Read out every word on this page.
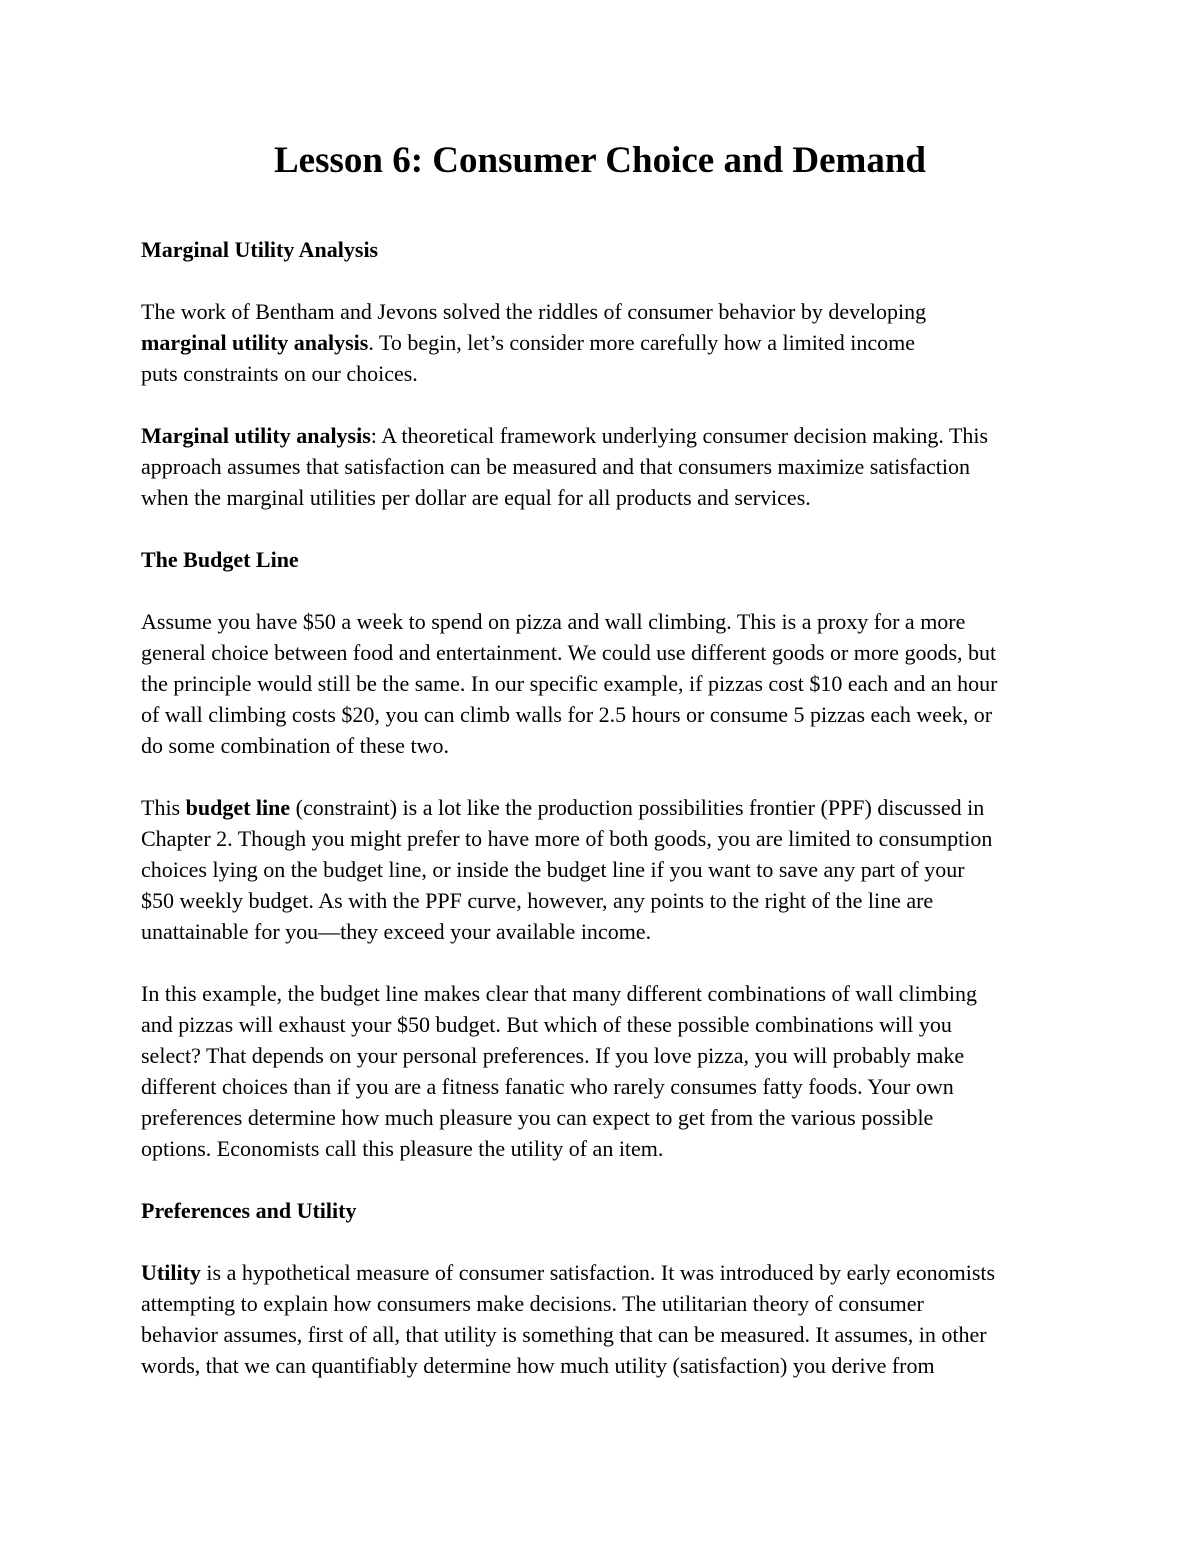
Lesson 6: Consumer Choice and Demand
Marginal Utility Analysis

The work of Bentham and Jevons solved the riddles of consumer behavior by developing
marginal utility analysis. To begin, let’s consider more carefully how a limited income
puts constraints on our choices.

Marginal utility analysis: A theoretical framework underlying consumer decision making. This
approach assumes that satisfaction can be measured and that consumers maximize satisfaction
when the marginal utilities per dollar are equal for all products and services.

The Budget Line

Assume you have $50 a week to spend on pizza and wall climbing. This is a proxy for a more
general choice between food and entertainment. We could use different goods or more goods, but
the principle would still be the same. In our specific example, if pizzas cost $10 each and an hour
of wall climbing costs $20, you can climb walls for 2.5 hours or consume 5 pizzas each week, or
do some combination of these two.

This budget line (constraint) is a lot like the production possibilities frontier (PPF) discussed in
Chapter 2. Though you might prefer to have more of both goods, you are limited to consumption
choices lying on the budget line, or inside the budget line if you want to save any part of your
$50 weekly budget. As with the PPF curve, however, any points to the right of the line are
unattainable for you—they exceed your available income.

In this example, the budget line makes clear that many different combinations of wall climbing
and pizzas will exhaust your $50 budget. But which of these possible combinations will you
select? That depends on your personal preferences. If you love pizza, you will probably make
different choices than if you are a fitness fanatic who rarely consumes fatty foods. Your own
preferences determine how much pleasure you can expect to get from the various possible
options. Economists call this pleasure the utility of an item.

Preferences and Utility

Utility is a hypothetical measure of consumer satisfaction. It was introduced by early economists
attempting to explain how consumers make decisions. The utilitarian theory of consumer
behavior assumes, first of all, that utility is something that can be measured. It assumes, in other
words, that we can quantifiably determine how much utility (satisfaction) you derive from
